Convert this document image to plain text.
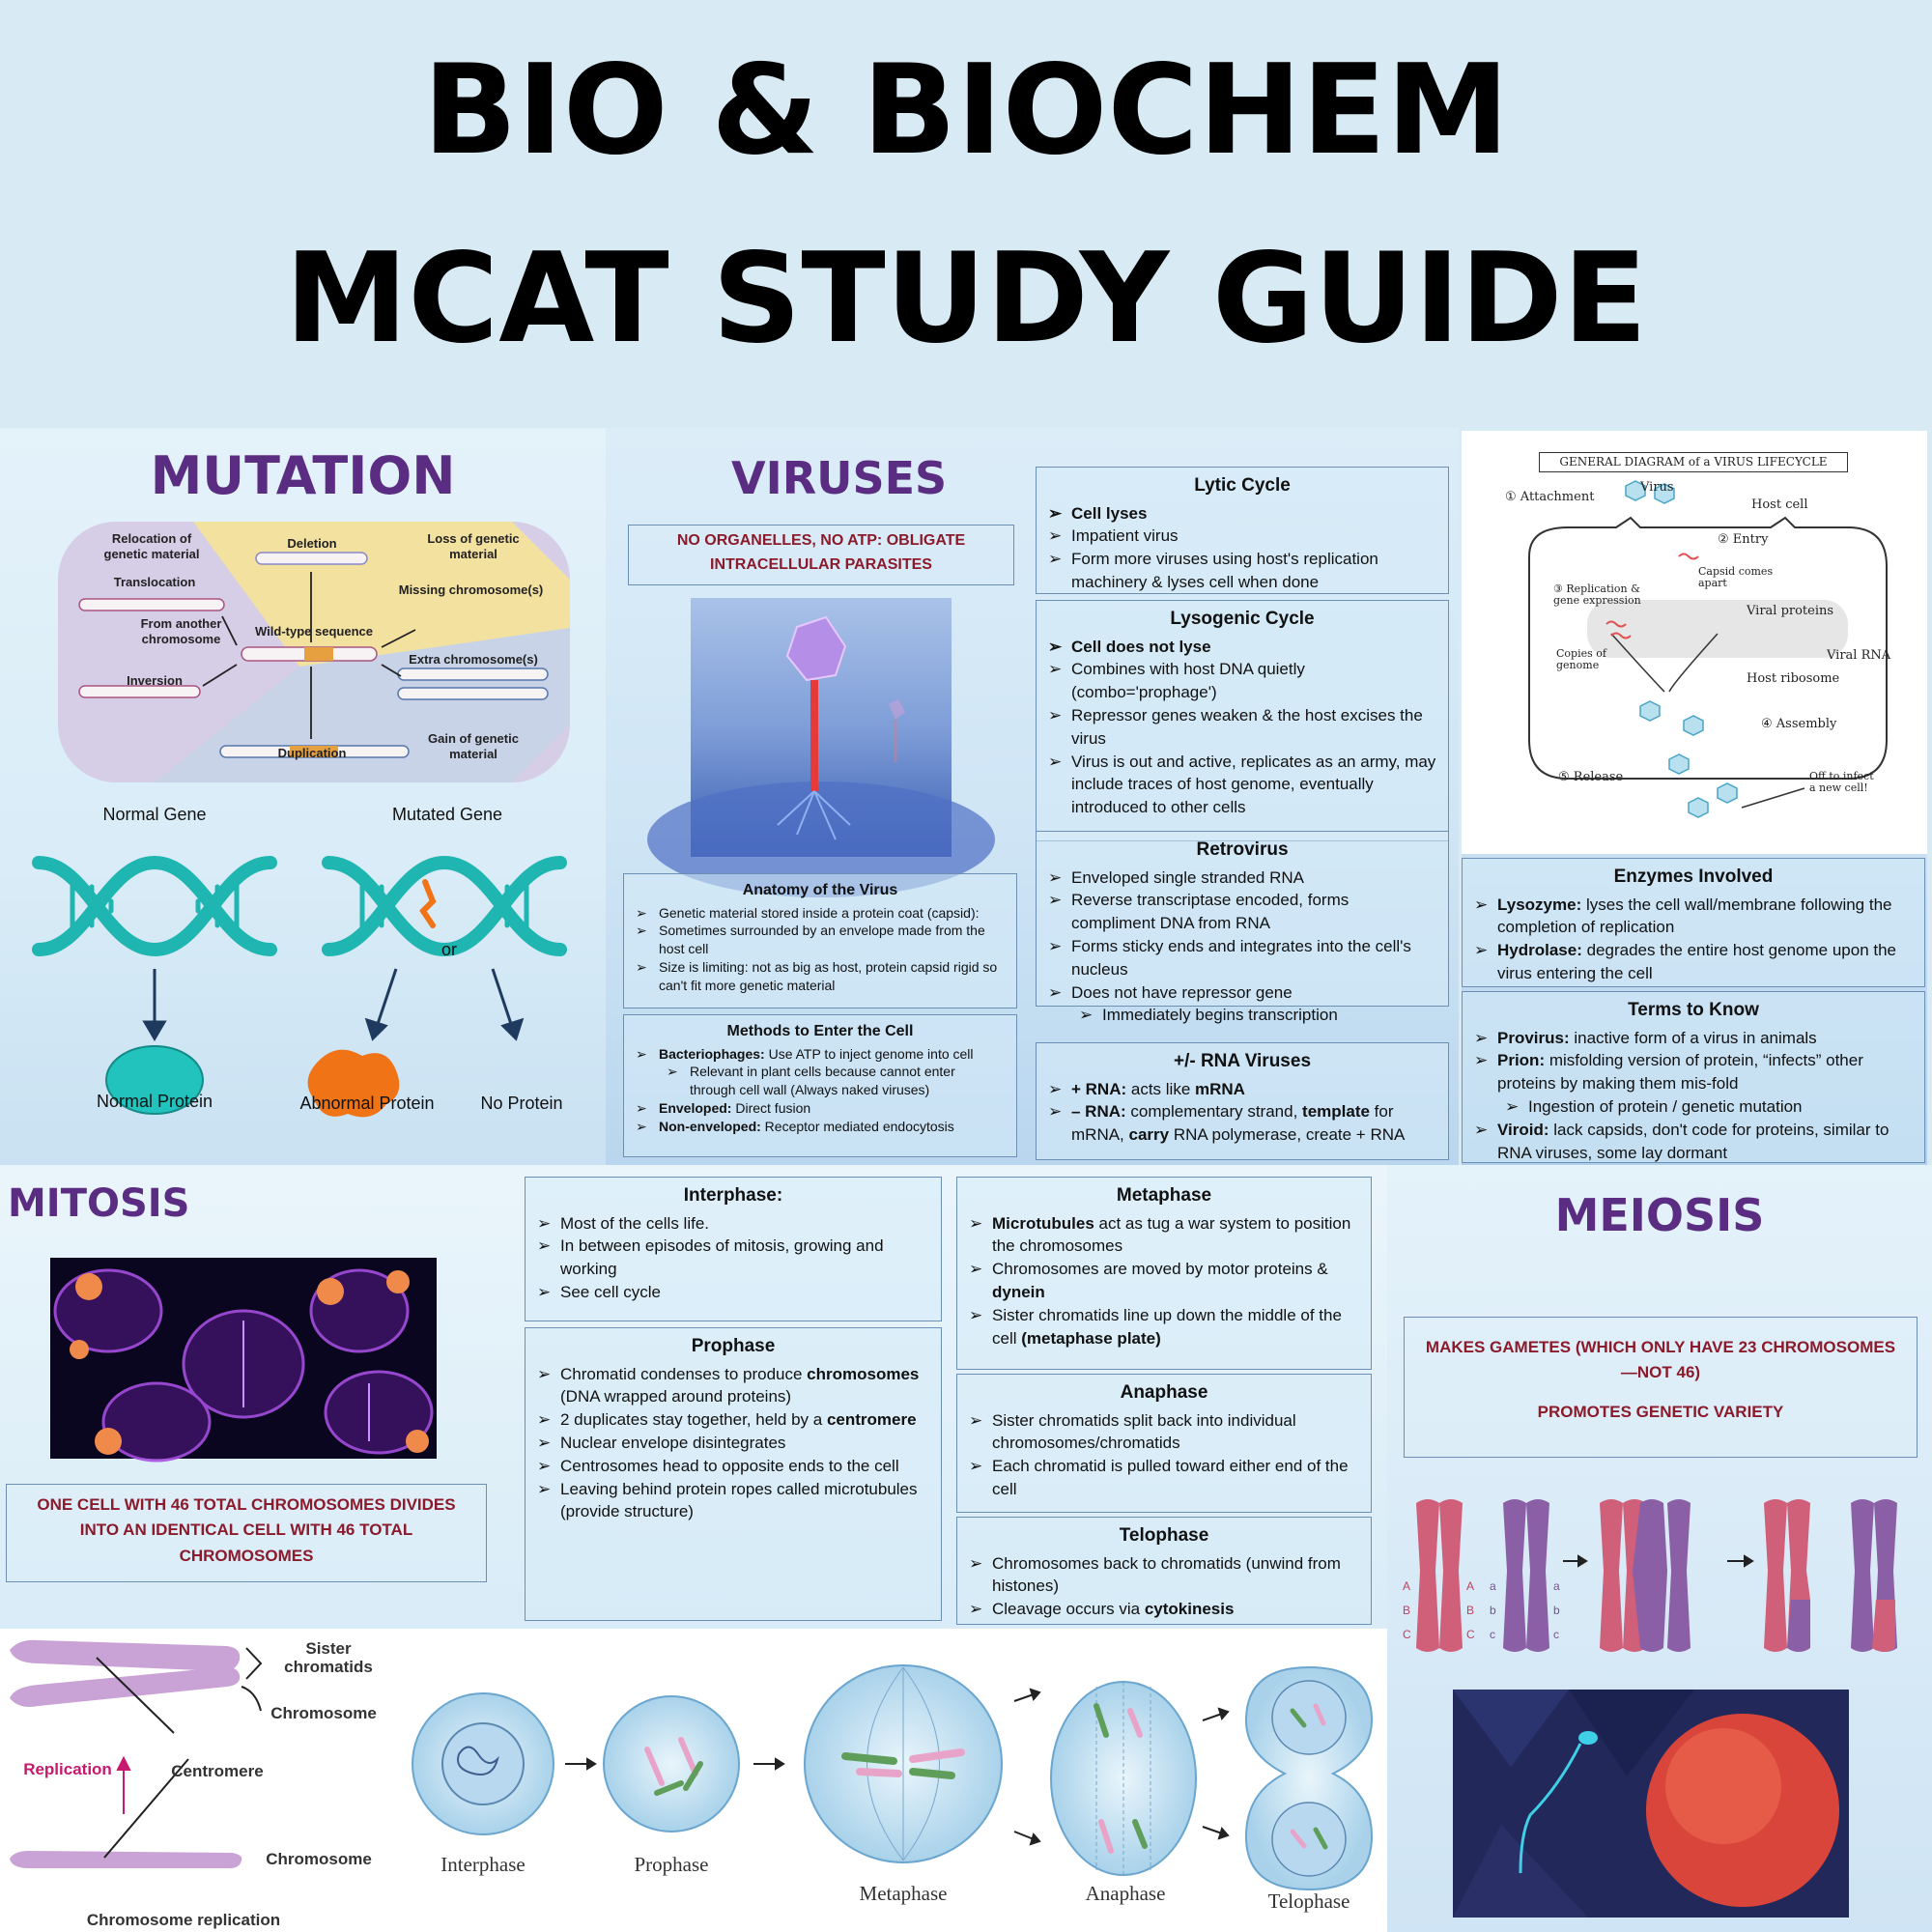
BIO & BIOCHEM
MCAT STUDY GUIDE
MUTATION
Relocation of genetic material
Translocation
From another chromosome
Inversion
Deletion
Wild-type sequence
Duplication
Loss of genetic material
Missing chromosome(s)
Extra chromosome(s)
Gain of genetic material
Normal Gene	Mutated Gene
or
Normal Protein	Abnormal Protein	No Protein
VIRUSES
NO ORGANELLES, NO ATP: OBLIGATE INTRACELLULAR PARASITES
Anatomy of the Virus
➢ Genetic material stored inside a protein coat (capsid):
➢ Sometimes surrounded by an envelope made from the host cell
➢ Size is limiting: not as big as host, protein capsid rigid so can't fit more genetic material
Methods to Enter the Cell
➢ Bacteriophages: Use ATP to inject genome into cell
➢ Relevant in plant cells because cannot enter through cell wall (Always naked viruses)
➢ Enveloped: Direct fusion
➢ Non-enveloped: Receptor mediated endocytosis
Lytic Cycle
➢ Cell lyses
➢ Impatient virus
➢ Form more viruses using host's replication machinery & lyses cell when done
Lysogenic Cycle
➢ Cell does not lyse
➢ Combines with host DNA quietly (combo='prophage')
➢ Repressor genes weaken & the host excises the virus
➢ Virus is out and active, replicates as an army, may include traces of host genome, eventually introduced to other cells
Retrovirus
➢ Enveloped single stranded RNA
➢ Reverse transcriptase encoded, forms compliment DNA from RNA
➢ Forms sticky ends and integrates into the cell's nucleus
➢ Does not have repressor gene
➢ Immediately begins transcription
+/- RNA Viruses
➢ + RNA: acts like mRNA
➢ – RNA: complementary strand, template for mRNA, carry RNA polymerase, create + RNA
GENERAL DIAGRAM of a VIRUS LIFECYCLE
① Attachment
Virus
Host cell
② Entry
Capsid comes apart
③ Replication & gene expression
Viral proteins
Copies of genome
Viral RNA
Host ribosome
④ Assembly
⑤ Release	Off to infect a new cell!
Enzymes Involved
➢ Lysozyme: lyses the cell wall/membrane following the completion of replication
➢ Hydrolase: degrades the entire host genome upon the virus entering the cell
Terms to Know
➢ Provirus: inactive form of a virus in animals
➢ Prion: misfolding version of protein, “infects” other proteins by making them mis-fold
➢ Ingestion of protein / genetic mutation
➢ Viroid: lack capsids, don't code for proteins, similar to RNA viruses, some lay dormant
MITOSIS
ONE CELL WITH 46 TOTAL CHROMOSOMES DIVIDES INTO AN IDENTICAL CELL WITH 46 TOTAL CHROMOSOMES
Interphase:
➢ Most of the cells life.
➢ In between episodes of mitosis, growing and working
➢ See cell cycle
Prophase
➢ Chromatid condenses to produce chromosomes (DNA wrapped around proteins)
➢ 2 duplicates stay together, held by a centromere
➢ Nuclear envelope disintegrates
➢ Centrosomes head to opposite ends to the cell
➢ Leaving behind protein ropes called microtubules (provide structure)
Metaphase
➢ Microtubules act as tug a war system to position the chromosomes
➢ Chromosomes are moved by motor proteins & dynein
➢ Sister chromatids line up down the middle of the cell (metaphase plate)
Anaphase
➢ Sister chromatids split back into individual chromosomes/chromatids
➢ Each chromatid is pulled toward either end of the cell
Telophase
➢ Chromosomes back to chromatids (unwind from histones)
➢ Cleavage occurs via cytokinesis
MEIOSIS
MAKES GAMETES (WHICH ONLY HAVE 23 CHROMOSOMES—NOT 46)
PROMOTES GENETIC VARIETY
A
B
C
A
B
C
a
b
c
a
b
c
Sister chromatids
Chromosome
Replication	Centromere
Chromosome
Chromosome replication
Interphase	Prophase
Metaphase	Anaphase	Telophase
